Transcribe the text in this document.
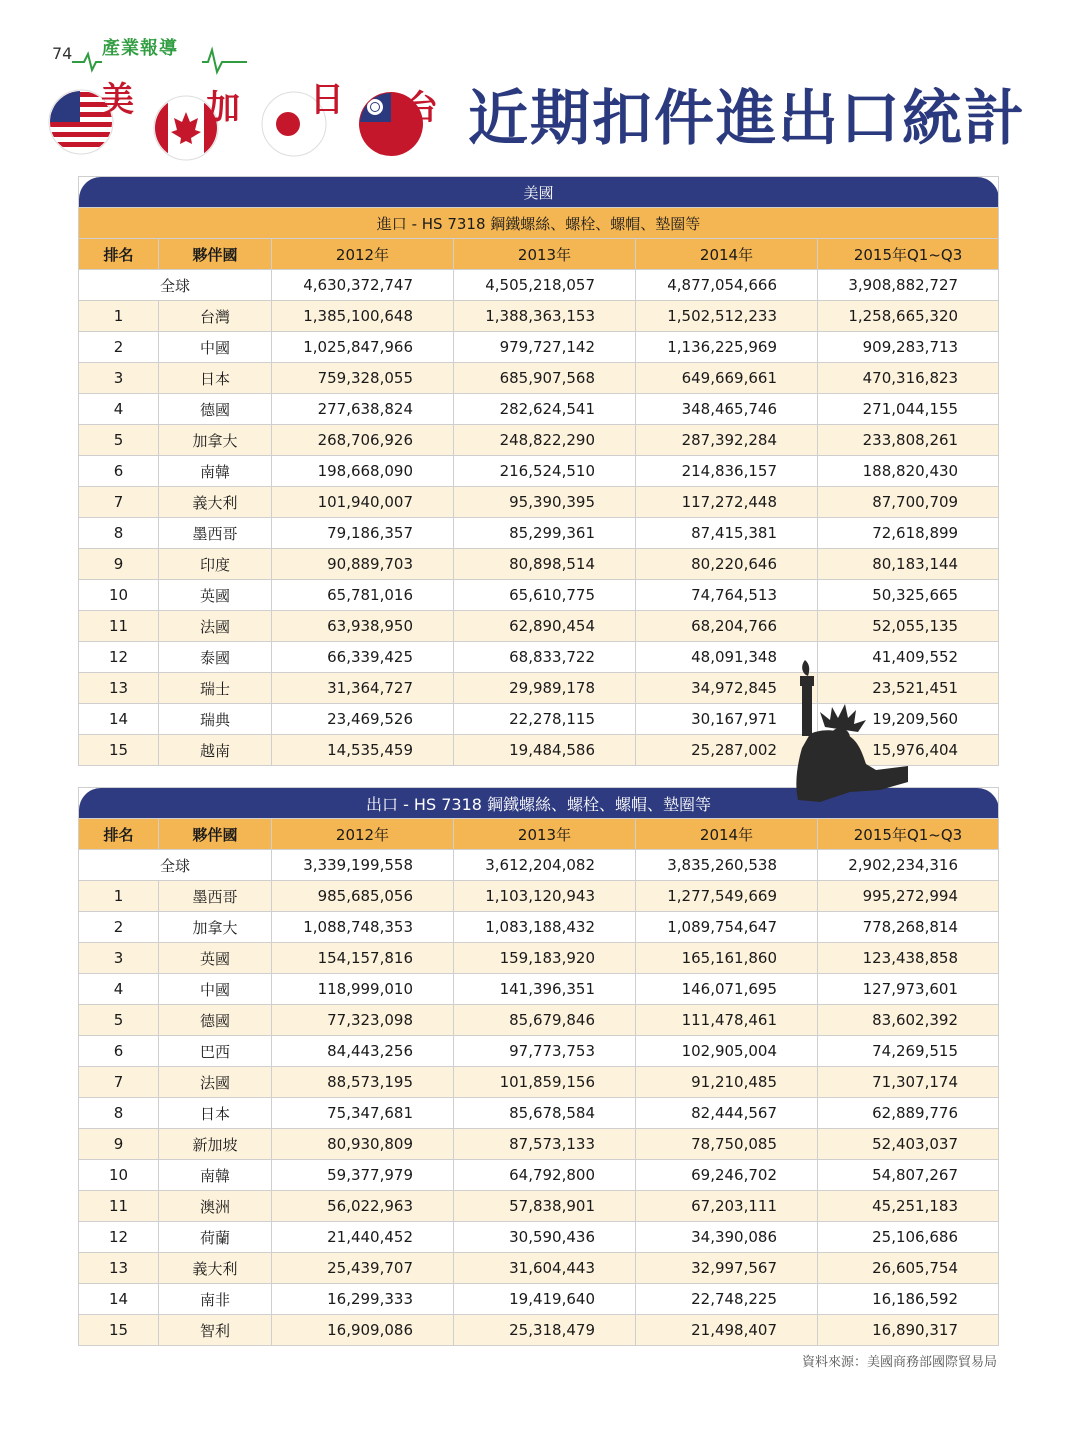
74 產業報導
美 加 日 台 近期扣件進出口統計
美國					
進口 - HS 7318 鋼鐵螺絲、螺栓、螺帽、墊圈等					
排名	夥伴國	2012年	2013年	2014年	2015年Q1~Q3
全球		4,630,372,747	4,505,218,057	4,877,054,666	3,908,882,727
1	台灣	1,385,100,648	1,388,363,153	1,502,512,233	1,258,665,320
2	中國	1,025,847,966	979,727,142	1,136,225,969	909,283,713
3	日本	759,328,055	685,907,568	649,669,661	470,316,823
4	德國	277,638,824	282,624,541	348,465,746	271,044,155
5	加拿大	268,706,926	248,822,290	287,392,284	233,808,261
6	南韓	198,668,090	216,524,510	214,836,157	188,820,430
7	義大利	101,940,007	95,390,395	117,272,448	87,700,709
8	墨西哥	79,186,357	85,299,361	87,415,381	72,618,899
9	印度	90,889,703	80,898,514	80,220,646	80,183,144
10	英國	65,781,016	65,610,775	74,764,513	50,325,665
11	法國	63,938,950	62,890,454	68,204,766	52,055,135
12	泰國	66,339,425	68,833,722	48,091,348	41,409,552
13	瑞士	31,364,727	29,989,178	34,972,845	23,521,451
14	瑞典	23,469,526	22,278,115	30,167,971	19,209,560
15	越南	14,535,459	19,484,586	25,287,002	15,976,404
出口 - HS 7318 鋼鐵螺絲、螺栓、螺帽、墊圈等					
排名	夥伴國	2012年	2013年	2014年	2015年Q1~Q3
全球		3,339,199,558	3,612,204,082	3,835,260,538	2,902,234,316
1	墨西哥	985,685,056	1,103,120,943	1,277,549,669	995,272,994
2	加拿大	1,088,748,353	1,083,188,432	1,089,754,647	778,268,814
3	英國	154,157,816	159,183,920	165,161,860	123,438,858
4	中國	118,999,010	141,396,351	146,071,695	127,973,601
5	德國	77,323,098	85,679,846	111,478,461	83,602,392
6	巴西	84,443,256	97,773,753	102,905,004	74,269,515
7	法國	88,573,195	101,859,156	91,210,485	71,307,174
8	日本	75,347,681	85,678,584	82,444,567	62,889,776
9	新加坡	80,930,809	87,573,133	78,750,085	52,403,037
10	南韓	59,377,979	64,792,800	69,246,702	54,807,267
11	澳洲	56,022,963	57,838,901	67,203,111	45,251,183
12	荷蘭	21,440,452	30,590,436	34,390,086	25,106,686
13	義大利	25,439,707	31,604,443	32,997,567	26,605,754
14	南非	16,299,333	19,419,640	22,748,225	16,186,592
15	智利	16,909,086	25,318,479	21,498,407	16,890,317
資料來源：美國商務部國際貿易局
